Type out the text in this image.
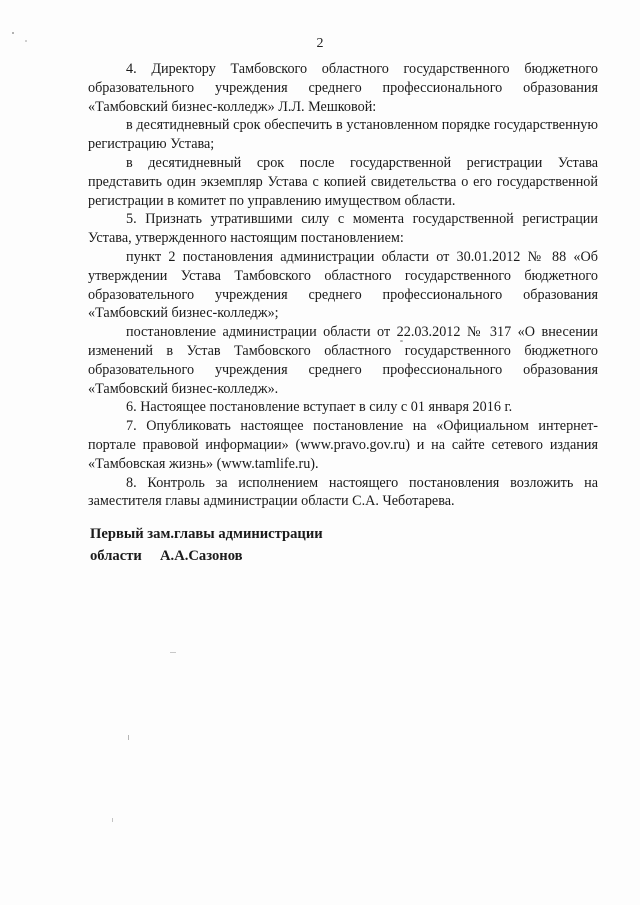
2

4. Директору Тамбовского областного государственного бюджетного образовательного учреждения среднего профессионального образования «Тамбовский бизнес-колледж» Л.Л. Мешковой:

в десятидневный срок обеспечить в установленном порядке государственную регистрацию Устава;

в десятидневный срок после государственной регистрации Устава представить один экземпляр Устава с копией свидетельства о его государственной регистрации в комитет по управлению имуществом области.

5. Признать утратившими силу с момента государственной регистрации Устава, утвержденного настоящим постановлением:

пункт 2 постановления администрации области от 30.01.2012 № 88 «Об утверждении Устава Тамбовского областного государственного бюджетного образовательного учреждения среднего профессионального образования «Тамбовский бизнес-колледж»;

постановление администрации области от 22.03.2012 № 317 «О внесении изменений в Устав Тамбовского областного государственного бюджетного образовательного учреждения среднего профессионального образования «Тамбовский бизнес-колледж».

6. Настоящее постановление вступает в силу с 01 января 2016 г.

7. Опубликовать настоящее постановление на «Официальном интернет-портале правовой информации» (www.pravo.gov.ru) и на сайте сетевого издания «Тамбовская жизнь» (www.tamlife.ru).

8. Контроль за исполнением настоящего постановления возложить на заместителя главы администрации области С.А. Чеботарева.

Первый зам.главы администрации
области     А.А.Сазонов
